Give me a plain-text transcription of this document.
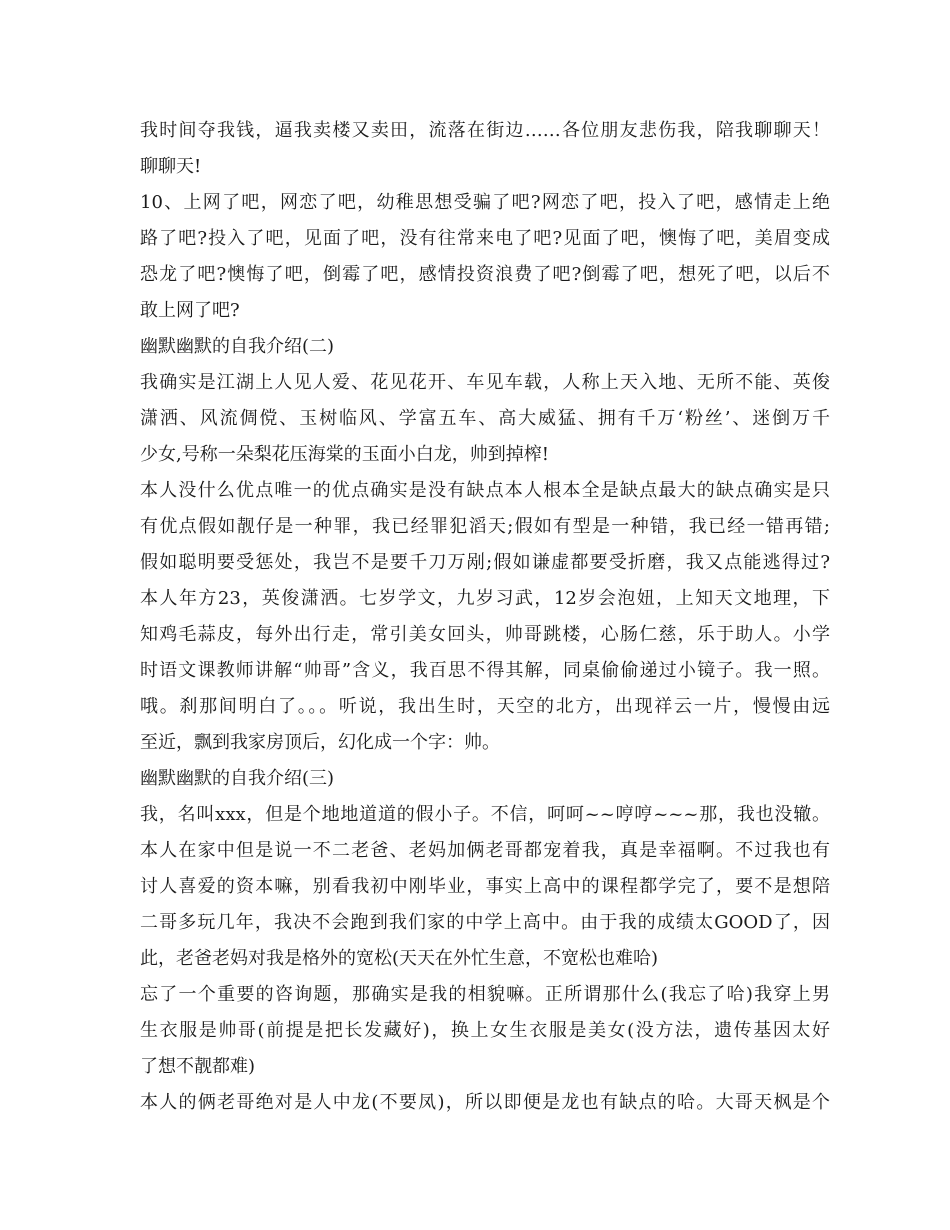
我时间夺我钱，逼我卖楼又卖田，流落在街边……各位朋友悲伤我，陪我聊聊天！
聊聊天!
10、上网了吧，网恋了吧，幼稚思想受骗了吧?网恋了吧，投入了吧，感情走上绝
路了吧?投入了吧，见面了吧，没有往常来电了吧?见面了吧，懊悔了吧，美眉变成
恐龙了吧?懊悔了吧，倒霉了吧，感情投资浪费了吧?倒霉了吧，想死了吧，以后不
敢上网了吧?
幽默幽默的自我介绍(二)
我确实是江湖上人见人爱、花见花开、车见车载，人称上天入地、无所不能、英俊
潇洒、风流倜傥、玉树临风、学富五车、高大威猛、拥有千万‘粉丝’、迷倒万千
少女,号称一朵梨花压海棠的玉面小白龙，帅到掉榨!
本人没什么优点唯一的优点确实是没有缺点本人根本全是缺点最大的缺点确实是只
有优点假如靓仔是一种罪，我已经罪犯滔天;假如有型是一种错，我已经一错再错;
假如聪明要受惩处，我岂不是要千刀万剐;假如谦虚都要受折磨，我又点能逃得过?
本人年方23，英俊潇洒。七岁学文，九岁习武，12岁会泡妞，上知天文地理，下
知鸡毛蒜皮，每外出行走，常引美女回头，帅哥跳楼，心肠仁慈，乐于助人。小学
时语文课教师讲解“帅哥”含义，我百思不得其解，同桌偷偷递过小镜子。我一照。
哦。刹那间明白了。。。听说，我出生时，天空的北方，出现祥云一片，慢慢由远
至近，飘到我家房顶后，幻化成一个字：帅。
幽默幽默的自我介绍(三)
我，名叫xxx，但是个地地道道的假小子。不信，呵呵~~哼哼~~~那，我也没辙。
本人在家中但是说一不二老爸、老妈加俩老哥都宠着我，真是幸福啊。不过我也有
讨人喜爱的资本嘛，别看我初中刚毕业，事实上高中的课程都学完了，要不是想陪
二哥多玩几年，我决不会跑到我们家的中学上高中。由于我的成绩太GOOD了，因
此，老爸老妈对我是格外的宽松(天天在外忙生意，不宽松也难哈)
忘了一个重要的咨询题，那确实是我的相貌嘛。正所谓那什么(我忘了哈)我穿上男
生衣服是帅哥(前提是把长发藏好)，换上女生衣服是美女(没方法，遗传基因太好
了想不靓都难)
本人的俩老哥绝对是人中龙(不要凤)，所以即便是龙也有缺点的哈。大哥天枫是个
